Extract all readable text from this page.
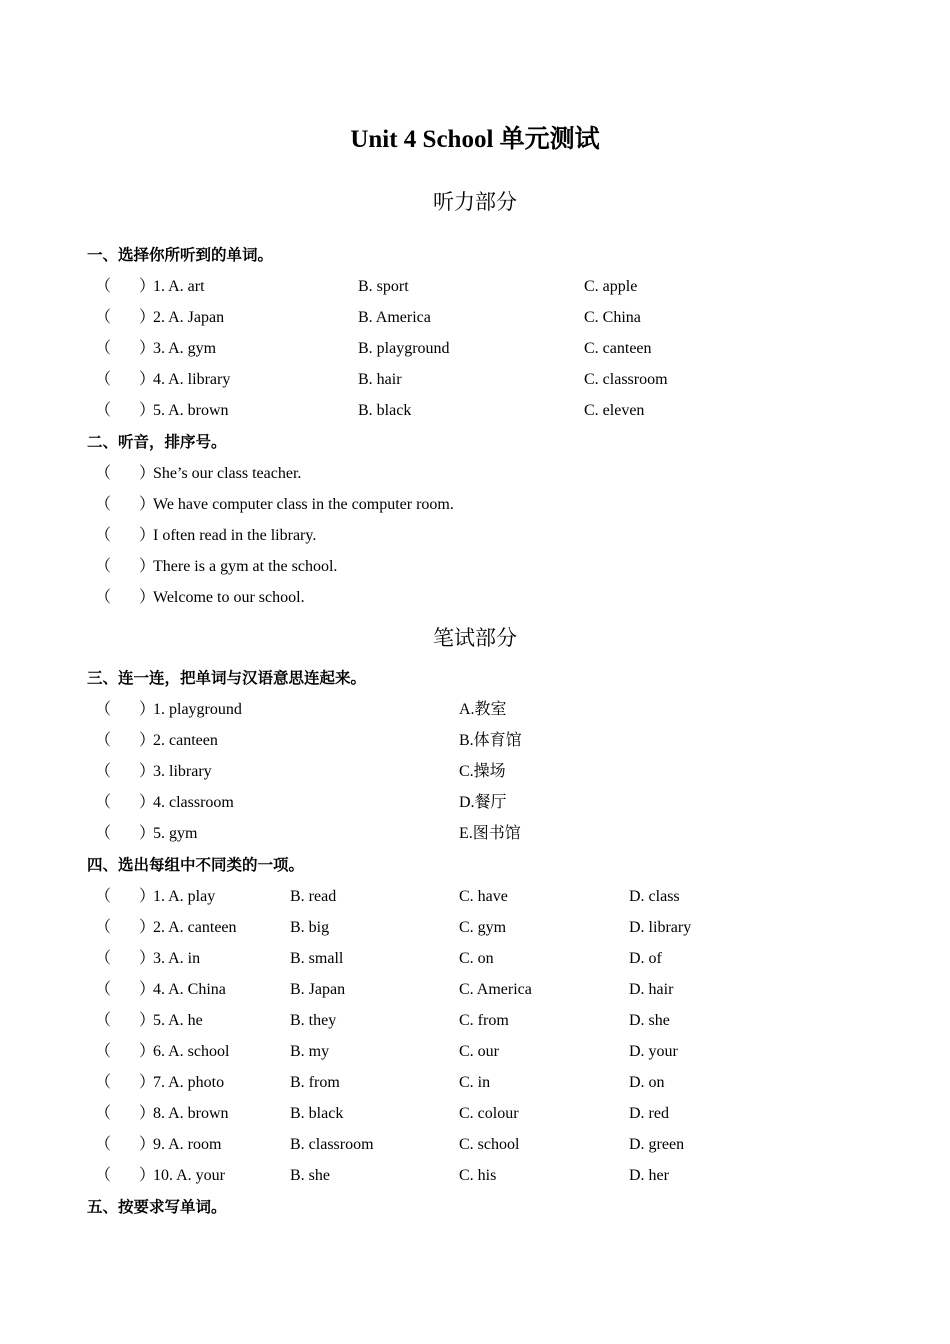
Unit 4 School 单元测试
听力部分
一、选择你所听到的单词。
（ ）
1. A. art	B. sport	C. apple
（ ）
2. A. Japan	B. America	C. China
（ ）
3. A. gym	B. playground	C. canteen
（ ）
4. A. library	B. hair	C. classroom
（ ）
5. A. brown	B. black	C. eleven
二、听音，排序号。
（ ）
She’s our class teacher.
（ ）
We have computer class in the computer room.
（ ）
I often read in the library.
（ ）
There is a gym at the school.
（ ）
Welcome to our school.
笔试部分
三、连一连，把单词与汉语意思连起来。
（ ）
1. playground	A.教室
（ ）
2. canteen	B.体育馆
（ ）
3. library	C.操场
（ ）
4. classroom	D.餐厅
（ ）
5. gym	E.图书馆
四、选出每组中不同类的一项。
（ ）
1. A. play	B. read	C. have	D. class
（ ）
2. A. canteen	B. big	C. gym	D. library
（ ）
3. A. in	B. small	C. on	D. of
（ ）
4. A. China	B. Japan	C. America	D. hair
（ ）
5. A. he	B. they	C. from	D. she
（ ）
6. A. school	B. my	C. our	D. your
（ ）
7. A. photo	B. from	C. in	D. on
（ ）
8. A. brown	B. black	C. colour	D. red
（ ）
9. A. room	B. classroom	C. school	D. green
（ ）
10. A. your	B. she	C. his	D. her
五、按要求写单词。
